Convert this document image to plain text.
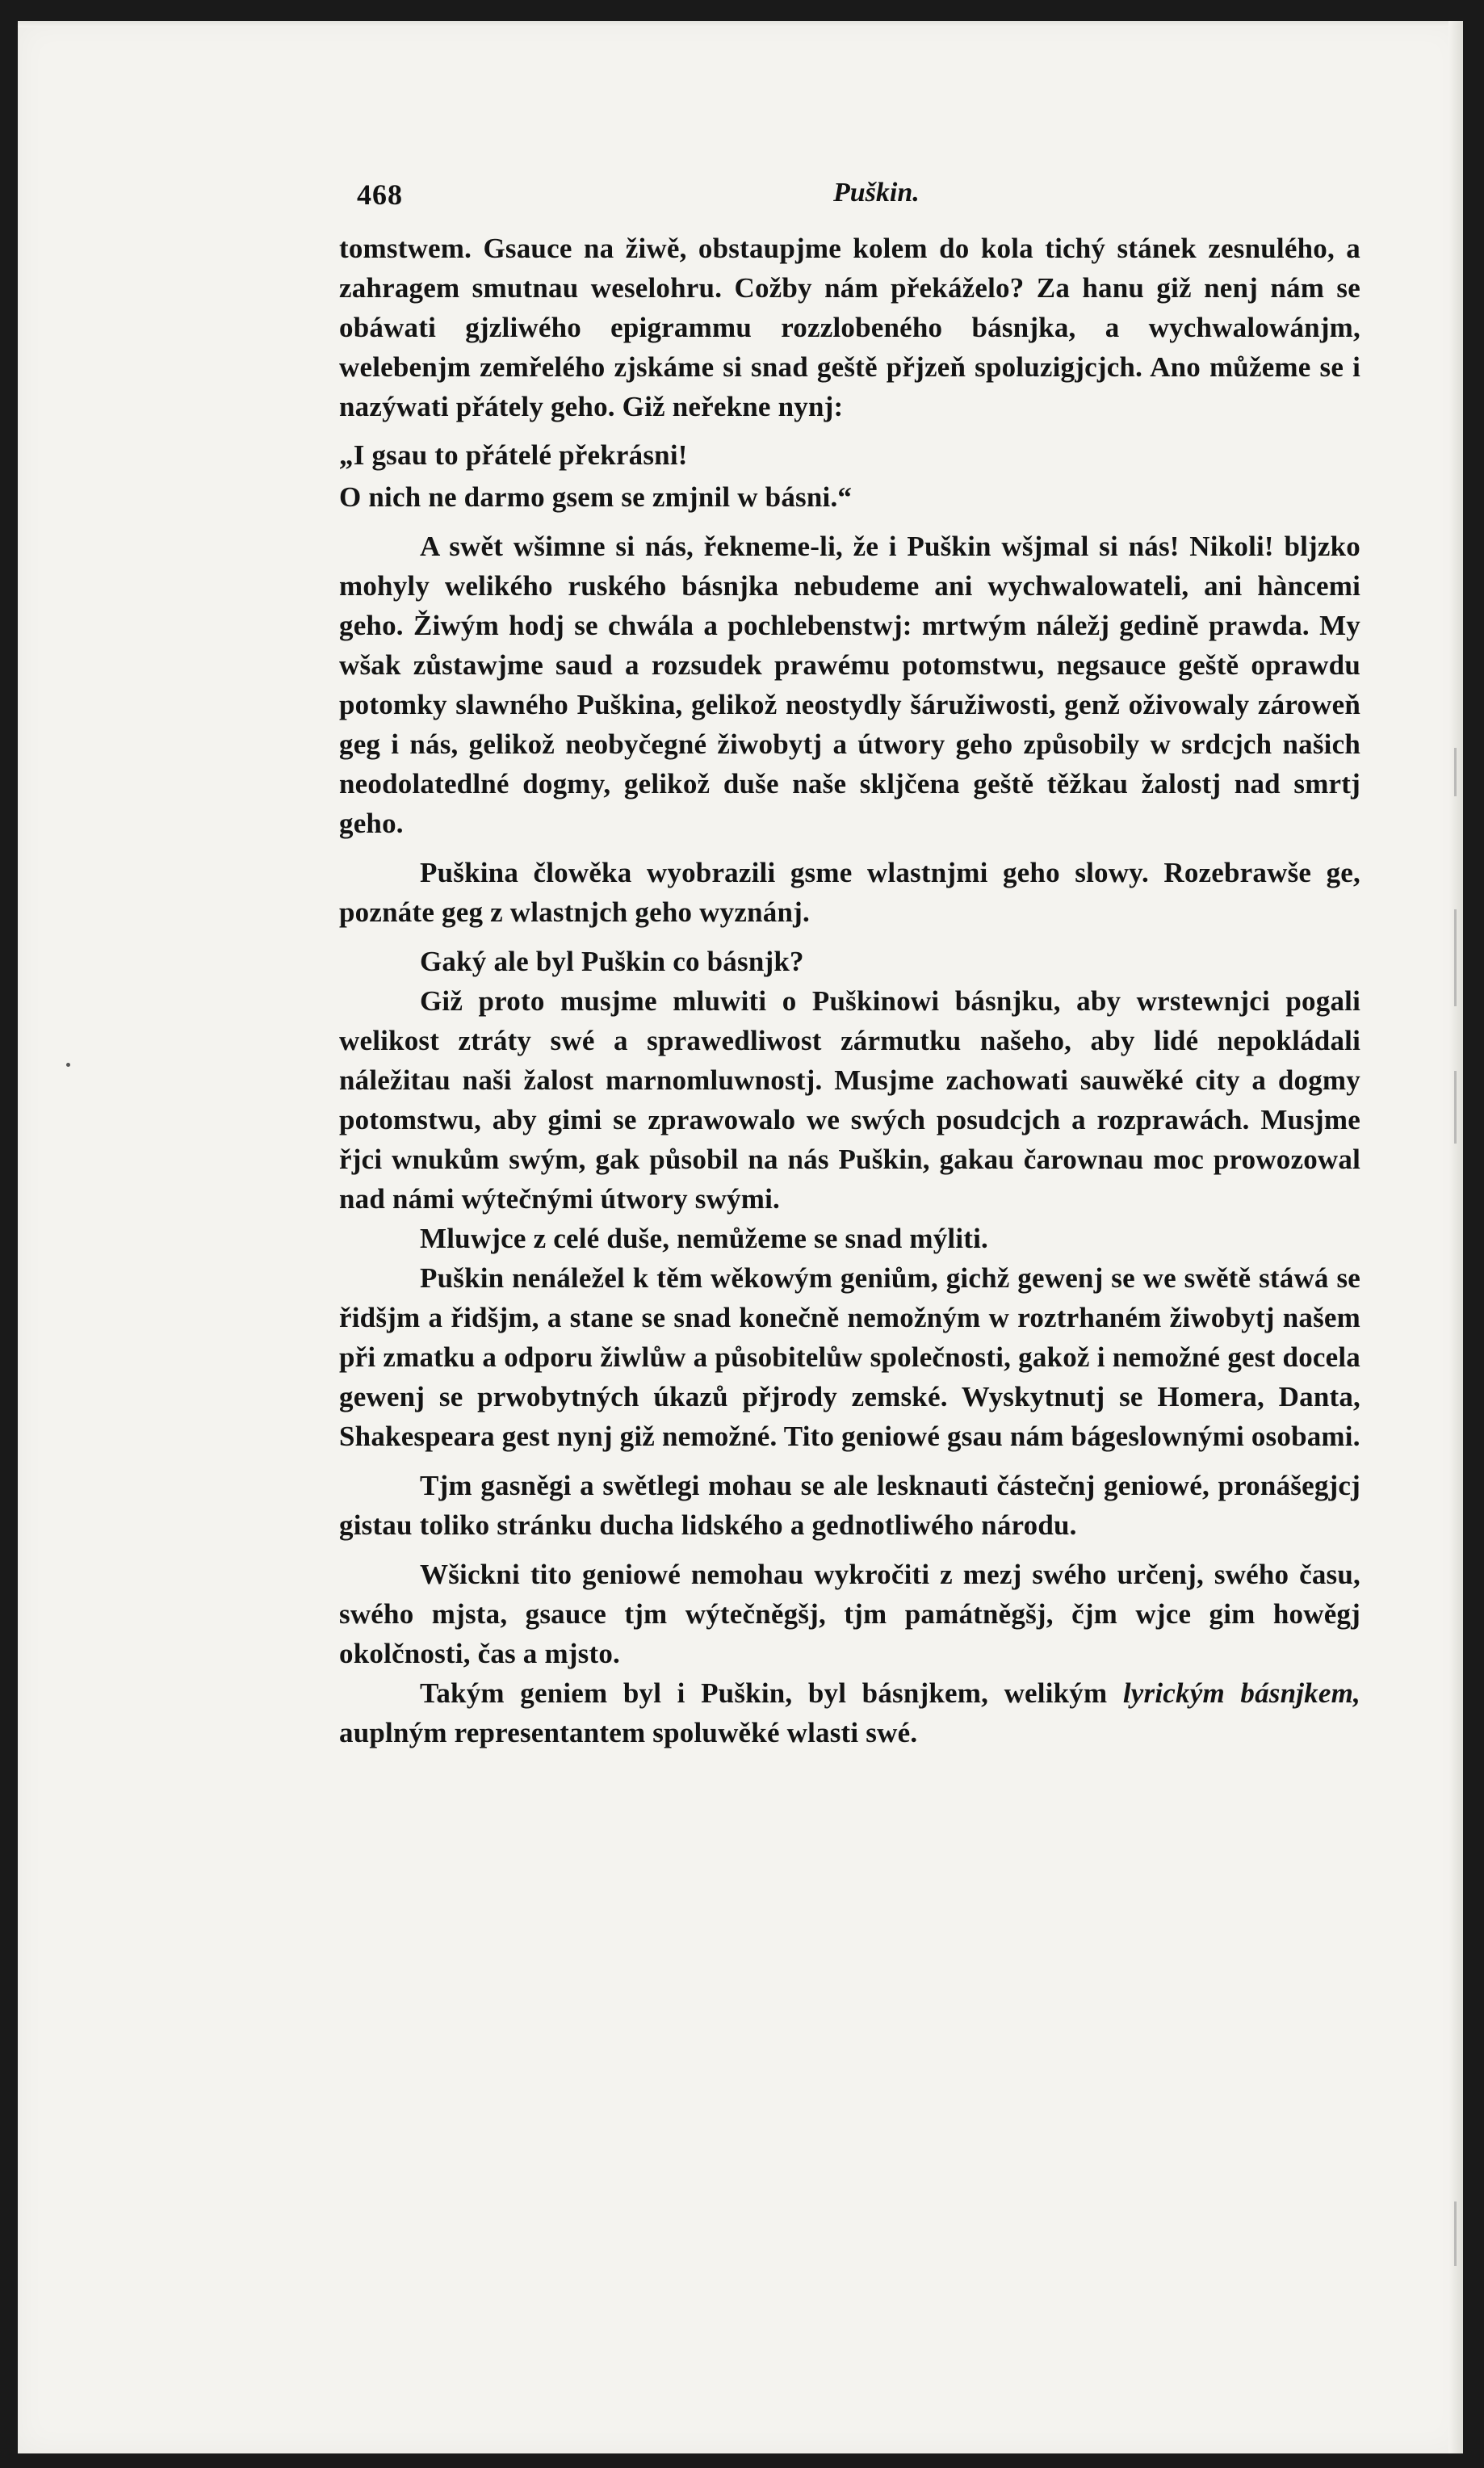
468	Puškin.

tomstwem. Gsauce na žiwě, obstaupjme kolem do kola tichý stánek zesnulého, a zahragem smutnau weselohru. Cožby nám překáželo? Za hanu giž nenj nám se obáwati gjzliwého epigrammu rozzlobeného básnjka, a wychwalowánjm, welebenjm zemřelého zjskáme si snad geště přjzeň spoluzigjcjch. Ano můžeme se i nazýwati přátely geho. Giž neřekne nynj:

„I gsau to přátelé překrásni!

O nich ne darmo gsem se zmjnil w básni.“

A swět wšimne si nás, řekneme-li, že i Puškin wšjmal si nás! Nikoli! bljzko mohyly welikého ruského básnjka nebudeme ani wychwalowateli, ani hàncemi geho. Žiwým hodj se chwála a pochlebenstwj: mrtwým náležj gedině prawda. My wšak zůstawjme saud a rozsudek prawému potomstwu, negsauce geště oprawdu potomky slawného Puškina, gelikož neostydly šáružiwosti, genž oživowaly zároweň geg i nás, gelikož neobyčegné žiwobytj a útwory geho způsobily w srdcjch našich neodolatedlné dogmy, gelikož duše naše skljčena geště těžkau žalostj nad smrtj geho.

Puškina člowěka wyobrazili gsme wlastnjmi geho slowy. Rozebrawše ge, poznáte geg z wlastnjch geho wyznánj.

Gaký ale byl Puškin co básnjk?

Giž proto musjme mluwiti o Puškinowi básnjku, aby wrstewnjci pogali welikost ztráty swé a sprawedliwost zármutku našeho, aby lidé nepokládali náležitau naši žalost marnomluwnostj. Musjme zachowati sauwěké city a dogmy potomstwu, aby gimi se zprawowalo we swých posudcjch a rozprawách. Musjme řjci wnukům swým, gak působil na nás Puškin, gakau čarownau moc prowozowal nad námi wýtečnými útwory swými.

Mluwjce z celé duše, nemůžeme se snad mýliti.

Puškin nenáležel k těm wěkowým geniům, gichž gewenj se we swětě stáwá se řidšjm a řidšjm, a stane se snad konečně nemožným w roztrhaném žiwobytj našem při zmatku a odporu žiwlůw a působitelůw společnosti, gakož i nemožné gest docela gewenj se prwobytných úkazů přjrody zemské. Wyskytnutj se Homera, Danta, Shakespeara gest nynj giž nemožné. Tito geniowé gsau nám bágeslownými osobami.

Tjm gasněgi a swětlegi mohau se ale lesknauti částečnj geniowé, pronášegjcj gistau toliko stránku ducha lidského a gednotliwého národu.

Wšickni tito geniowé nemohau wykročiti z mezj swého určenj, swého času, swého mjsta, gsauce tjm wýtečněgšj, tjm památněgšj, čjm wjce gim howěgj okolčnosti, čas a mjsto.

Takým geniem byl i Puškin, byl básnjkem, welikým lyrickým básnjkem, auplným representantem spoluwěké wlasti swé.
